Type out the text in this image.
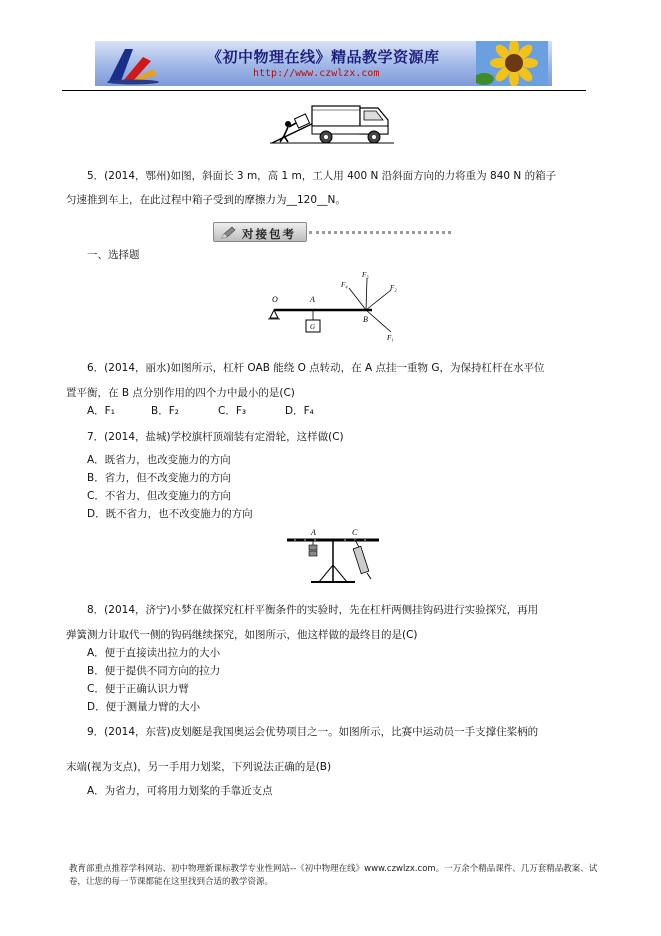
《初中物理在线》精品教学资源库
http://www.czwlzx.com
5．(2014，鄂州)如图，斜面长 3 m，高 1 m，工人用 400 N 沿斜面方向的力将重为 840 N 的箱子
匀速推到车上，在此过程中箱子受到的摩擦力为__120__N。
对接包考
一、选择题
O	A
G
B
F₁
F₂
F₃
F₄
6．(2014，丽水)如图所示，杠杆 OAB 能绕 O 点转动，在 A 点挂一重物 G，为保持杠杆在水平位
置平衡，在 B 点分别作用的四个力中最小的是(C)
A．F₁	B．F₂	C．F₃	D．F₄
7．(2014，盐城)学校旗杆顶端装有定滑轮，这样做(C)
A．既省力，也改变施力的方向
B．省力，但不改变施力的方向
C．不省力，但改变施力的方向
D．既不省力，也不改变施力的方向
A	C
8．(2014，济宁)小梦在做探究杠杆平衡条件的实验时，先在杠杆两侧挂钩码进行实验探究，再用
弹簧测力计取代一侧的钩码继续探究，如图所示，他这样做的最终目的是(C)
A．便于直接读出拉力的大小
B．便于提供不同方向的拉力
C．便于正确认识力臂
D．便于测量力臂的大小
9．(2014，东营)皮划艇是我国奥运会优势项目之一。如图所示，比赛中运动员一手支撑住桨柄的
末端(视为支点)，另一手用力划桨，下列说法正确的是(B)
A．为省力，可将用力划桨的手靠近支点
教育部重点推荐学科网站、初中物理新课标教学专业性网站--《初中物理在线》www.czwlzx.com。一万余个精品课件、几万套精品教案、试卷，让您的每一节课都能在这里找到合适的教学资源。
